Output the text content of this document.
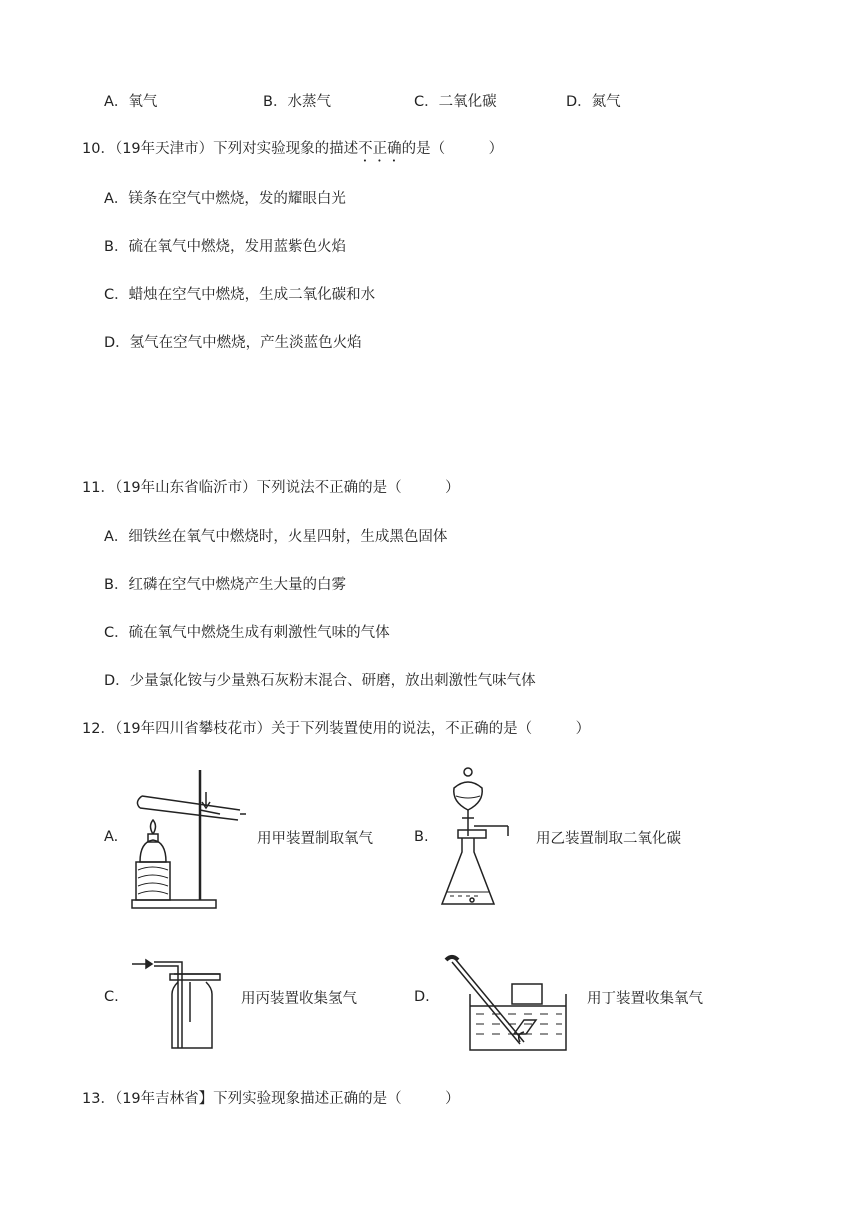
A．氧气	B．水蒸气	C．二氧化碳	D．氮气
10．（19年天津市）下列对实验现象的描述不正确的是（　　　）
A．镁条在空气中燃烧，发的耀眼白光
B．硫在氧气中燃烧，发用蓝紫色火焰
C．蜡烛在空气中燃烧，生成二氧化碳和水
D．氢气在空气中燃烧，产生淡蓝色火焰
11．（19年山东省临沂市）下列说法不正确的是（　　　）
A．细铁丝在氧气中燃烧时，火星四射，生成黑色固体
B．红磷在空气中燃烧产生大量的白雾
C．硫在氧气中燃烧生成有刺激性气味的气体
D．少量氯化铵与少量熟石灰粉末混合、研磨，放出刺激性气味气体
12．（19年四川省攀枝花市）关于下列装置使用的说法，不正确的是（　　　）
A.	用甲装置制取氧气	B.	用乙装置制取二氧化碳
C.	用丙装置收集氢气	D.	用丁装置收集氧气
13．（19年吉林省】下列实验现象描述正确的是（　　　）
